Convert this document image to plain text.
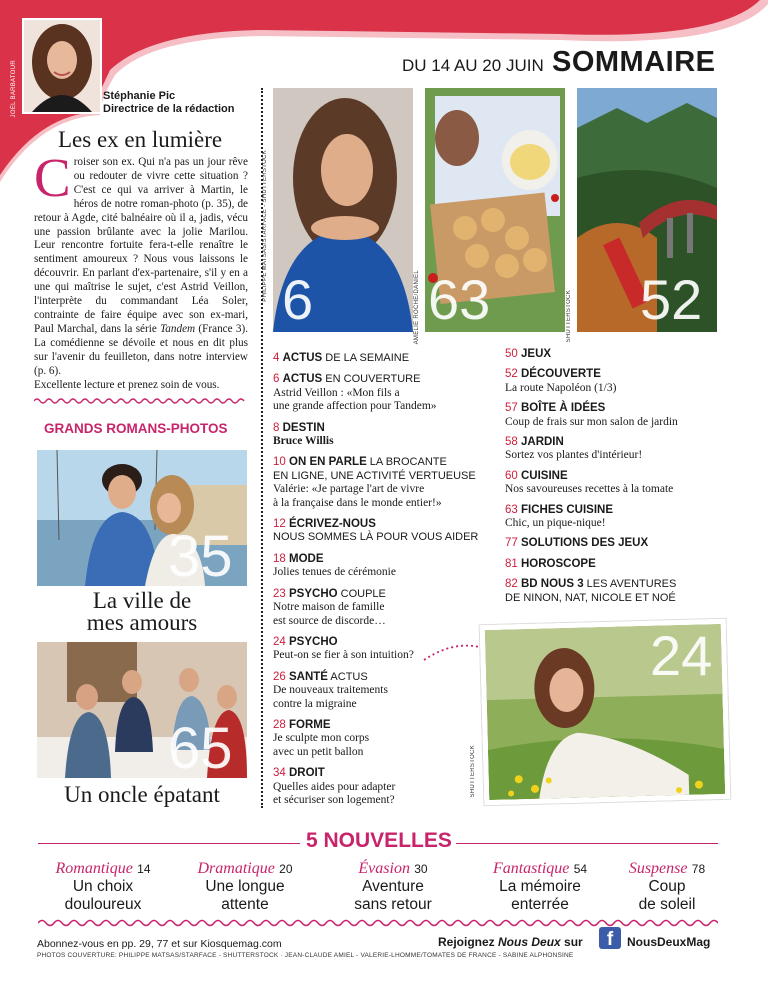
JOËL BARBATOUR	Stéphanie Pic
Directrice de la rédaction
DU 14 AU 20 JUIN SOMMAIRE
Les ex en lumière
Croiser son ex. Qui n'a pas un jour rêve ou redouter de vivre cette situation ? C'est ce qui va arriver à Martin, le héros de notre roman-photo (p. 35), de retour à Agde, cité balnéaire où il a, jadis, vécu une passion brûlante avec la jolie Marilou. Leur rencontre fortuite fera-t-elle renaître le sentiment amoureux ? Nous vous laissons le découvrir. En parlant d'ex-partenaire, s'il y en a une qui maîtrise le sujet, c'est Astrid Veillon, l'interprète du commandant Léa Soler, contrainte de faire équipe avec son ex-mari, Paul Marchal, dans la série Tandem (France 3). La comédienne se dévoile et nous en dit plus sur l'avenir du feuilleton, dans notre interview (p. 6).
Excellente lecture et prenez soin de vous.
GRANDS ROMANS-PHOTOS
35
La ville de
mes amours
65
Un oncle épatant
6
PHILIPPE MATSAS/STARFACE - SHUTTERSTOCK	63
AMÉLIE ROCHE/DANIEL	52
SHUTTERSTOCK
4 ACTUS DE LA SEMAINE
6 ACTUS EN COUVERTURE
Astrid Veillon : «Mon fils a
une grande affection pour Tandem»
8 DESTIN
Bruce Willis
10 ON EN PARLE LA BROCANTE
EN LIGNE, UNE ACTIVITÉ VERTUEUSE
Valérie: «Je partage l'art de vivre
à la française dans le monde entier!»
12 ÉCRIVEZ-NOUS
NOUS SOMMES LÀ POUR VOUS AIDER
18 MODE
Jolies tenues de cérémonie
23 PSYCHO COUPLE
Notre maison de famille
est source de discorde…
24 PSYCHO
Peut-on se fier à son intuition?
26 SANTÉ ACTUS
De nouveaux traitements
contre la migraine
28 FORME
Je sculpte mon corps
avec un petit ballon
34 DROIT
Quelles aides pour adapter
et sécuriser son logement?
50 JEUX
52 DÉCOUVERTE
La route Napoléon (1/3)
57 BOÎTE À IDÉES
Coup de frais sur mon salon de jardin
58 JARDIN
Sortez vos plantes d'intérieur!
60 CUISINE
Nos savoureuses recettes à la tomate
63 FICHES CUISINE
Chic, un pique-nique!
77 SOLUTIONS DES JEUX
81 HOROSCOPE
82 BD NOUS 3 LES AVENTURES
DE NINON, NAT, NICOLE ET NOÉ
24
SHUTTERSTOCK
5 NOUVELLES
Romantique 14
Un choix
douloureux
Dramatique 20
Une longue
attente
Évasion 30
Aventure
sans retour
Fantastique 54
La mémoire
enterrée
Suspense 78
Coup
de soleil
Abonnez-vous en pp. 29, 77 et sur Kiosquemag.com	Rejoignez Nous Deux sur	f	NousDeuxMag
PHOTOS COUVERTURE: PHILIPPE MATSAS/STARFACE - SHUTTERSTOCK · JEAN-CLAUDE AMIEL - VALERIE-LHOMME/TOMATES DE FRANCE - SABINE ALPHONSINE
